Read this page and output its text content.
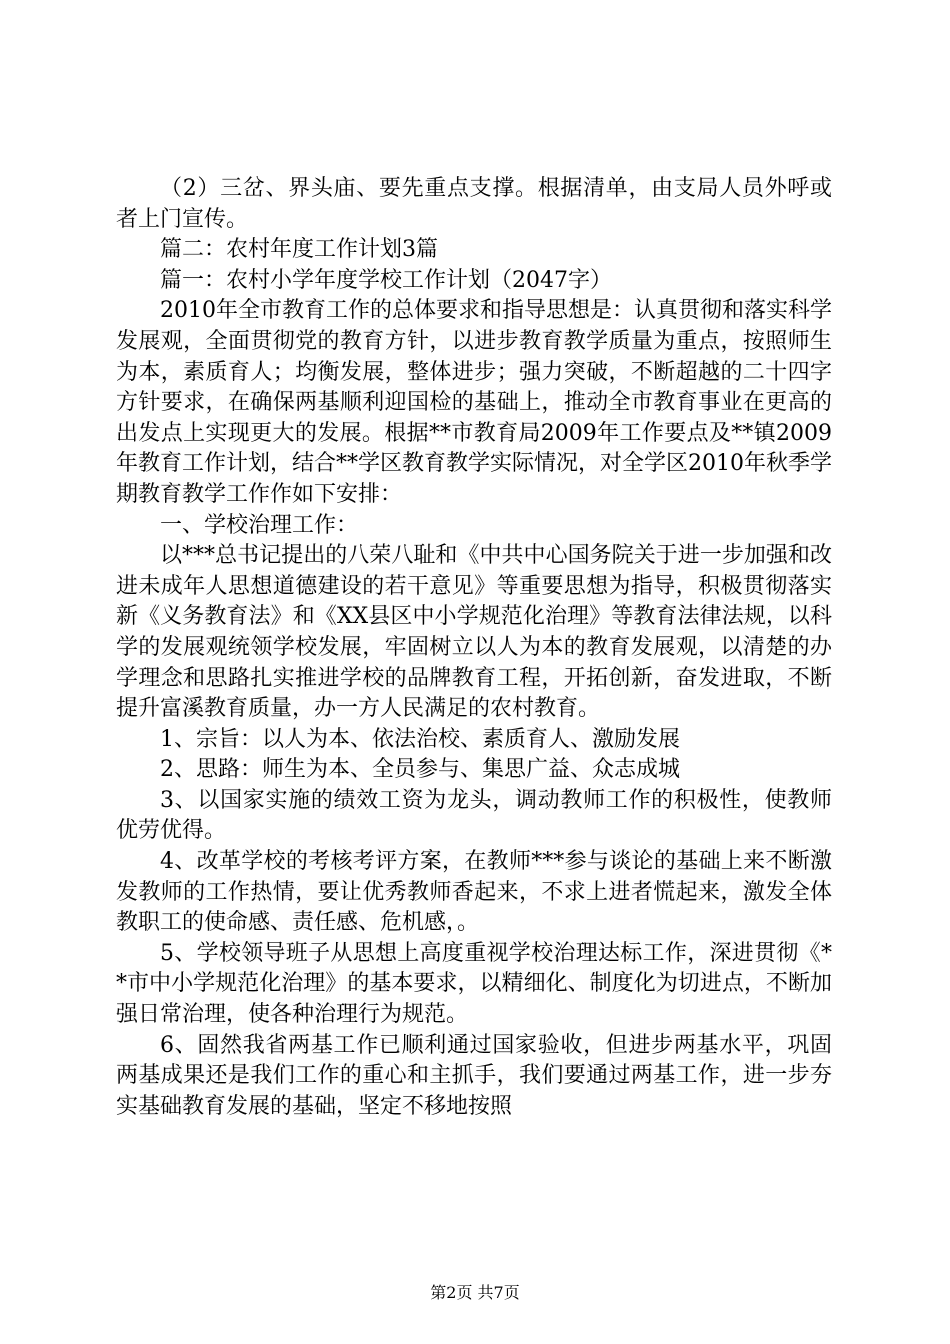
（2）三岔、界头庙、要先重点支撑。根据清单，由支局人员外呼或者上门宣传。

篇二：农村年度工作计划3篇

篇一：农村小学年度学校工作计划（2047字）

2010年全市教育工作的总体要求和指导思想是：认真贯彻和落实科学发展观，全面贯彻党的教育方针，以进步教育教学质量为重点，按照师生为本，素质育人；均衡发展，整体进步；强力突破，不断超越的二十四字方针要求，在确保两基顺利迎国检的基础上，推动全市教育事业在更高的出发点上实现更大的发展。根据**市教育局2009年工作要点及**镇2009年教育工作计划，结合**学区教育教学实际情况，对全学区2010年秋季学期教育教学工作作如下安排：

一、学校治理工作：

以***总书记提出的八荣八耻和《中共中心国务院关于进一步加强和改进未成年人思想道德建设的若干意见》等重要思想为指导，积极贯彻落实新《义务教育法》和《XX县区中小学规范化治理》等教育法律法规，以科学的发展观统领学校发展，牢固树立以人为本的教育发展观，以清楚的办学理念和思路扎实推进学校的品牌教育工程，开拓创新，奋发进取，不断提升富溪教育质量，办一方人民满足的农村教育。

1、宗旨：以人为本、依法治校、素质育人、激励发展

2、思路：师生为本、全员参与、集思广益、众志成城

3、以国家实施的绩效工资为龙头，调动教师工作的积极性，使教师优劳优得。

4、改革学校的考核考评方案，在教师***参与谈论的基础上来不断激发教师的工作热情，要让优秀教师香起来，不求上进者慌起来，激发全体教职工的使命感、责任感、危机感，。

5、学校领导班子从思想上高度重视学校治理达标工作，深进贯彻《**市中小学规范化治理》的基本要求，以精细化、制度化为切进点，不断加强日常治理，使各种治理行为规范。

6、固然我省两基工作已顺利通过国家验收，但进步两基水平，巩固两基成果还是我们工作的重心和主抓手，我们要通过两基工作，进一步夯实基础教育发展的基础，坚定不移地按照

第2页 共7页
